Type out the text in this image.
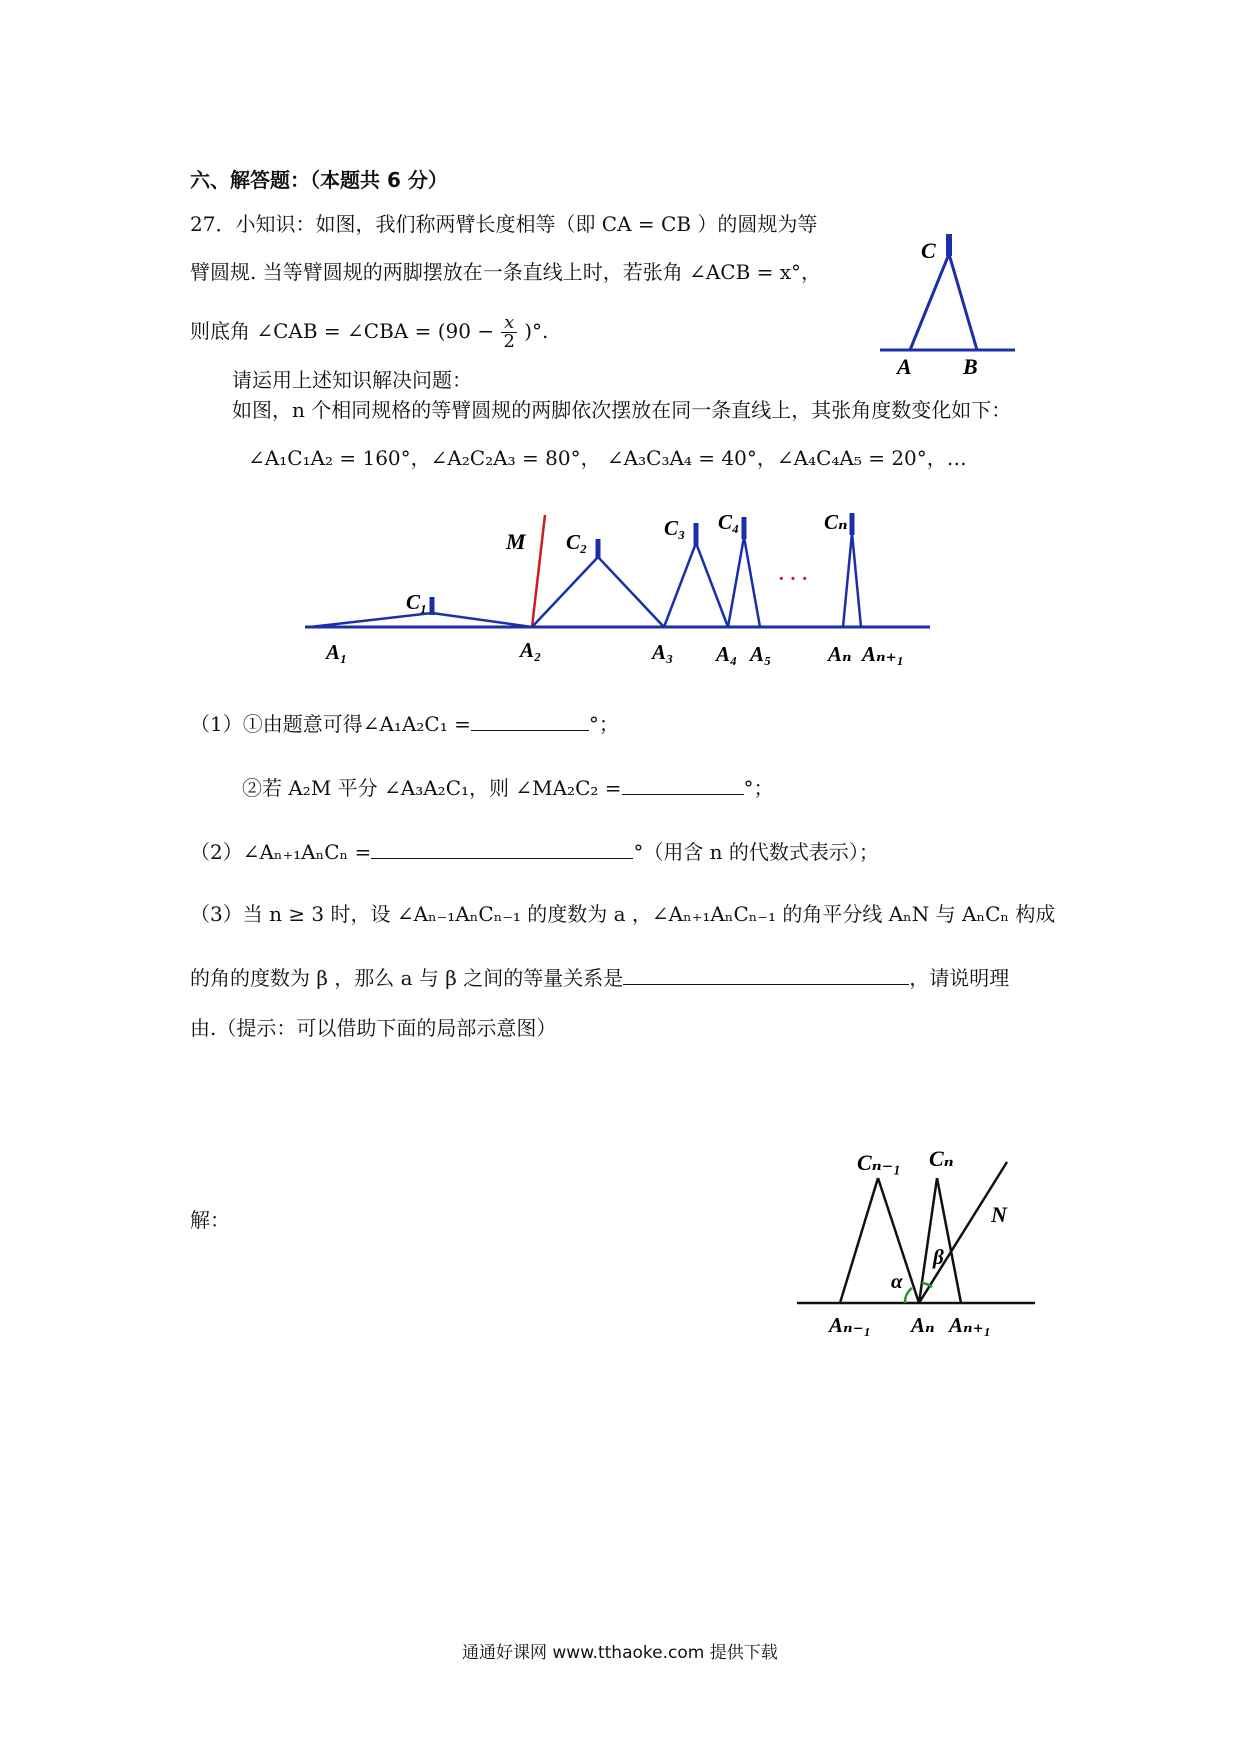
六、解答题：（本题共 6 分）
27．小知识：如图，我们称两臂长度相等（即 CA = CB ）的圆规为等
臂圆规. 当等臂圆规的两脚摆放在一条直线上时，若张角 ∠ACB = x°，
则底角 ∠CAB = ∠CBA = ($90 - \frac{x}{2}$ )°.
请运用上述知识解决问题：
如图，n 个相同规格的等臂圆规的两脚依次摆放在同一条直线上，其张角度数变化如下：
∠A₁C₁A₂ = 160°，∠A₂C₂A₃ = 80°， ∠A₃C₃A₄ = 40°，∠A₄C₄A₅ = 20°，…
C
A B
M
C₁
C₂
C₃ C₄	Cₙ
· · ·
A₁	A₂	A₃ A₄ A₅	Aₙ Aₙ₊₁
（1）①由题意可得∠A₁A₂C₁ =	°；
②若 A₂M 平分 ∠A₃A₂C₁，则 ∠MA₂C₂ =	°；
（2）∠Aₙ₊₁AₙCₙ =	°（用含 n 的代数式表示）；
（3）当 n ≥ 3 时，设 ∠Aₙ₋₁AₙCₙ₋₁ 的度数为 a ，∠Aₙ₊₁AₙCₙ₋₁ 的角平分线 AₙN 与 AₙCₙ 构成
的角的度数为 β ，那么 a 与 β 之间的等量关系是	，请说明理
由.（提示：可以借助下面的局部示意图）
解：
Cₙ₋₁ Cₙ
N
α
β
Aₙ₋₁ Aₙ Aₙ₊₁
通通好课网 www.tthaoke.com 提供下载
